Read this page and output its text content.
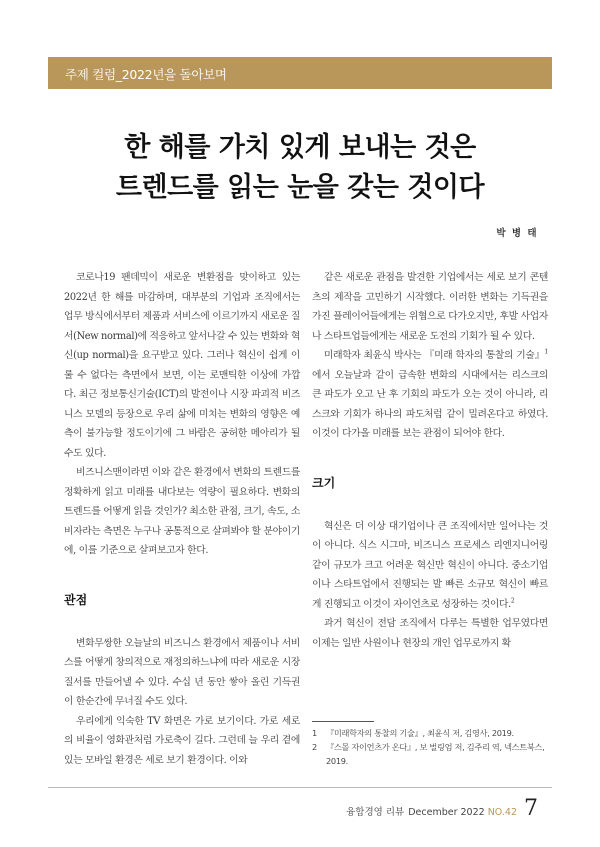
주제 컬럼_2022년을 돌아보며
한 해를 가치 있게 보내는 것은
트렌드를 읽는 눈을 갖는 것이다
박 병 태

코로나19 팬데믹이 새로운 변환점을 맞이하고 있는 2022년 한 해를 마감하며, 대부분의 기업과 조직에서는 업무 방식에서부터 제품과 서비스에 이르기까지 새로운 질서(New normal)에 적응하고 앞서나갈 수 있는 변화와 혁신(up normal)을 요구받고 있다. 그러나 혁신이 쉽게 이룰 수 없다는 측면에서 보면, 이는 로맨틱한 이상에 가깝다. 최근 정보통신기술(ICT)의 발전이나 시장 파괴적 비즈니스 모델의 등장으로 우리 삶에 미치는 변화의 영향은 예측이 불가능할 정도이기에 그 바람은 공허한 메아리가 될 수도 있다.

비즈니스맨이라면 이와 같은 환경에서 변화의 트렌드를 정확하게 읽고 미래를 내다보는 역량이 필요하다. 변화의 트렌드를 어떻게 읽을 것인가? 최소한 관점, 크기, 속도, 소비자라는 측면은 누구나 공통적으로 살펴봐야 할 분야이기에, 이를 기준으로 살펴보고자 한다.

관점

변화무쌍한 오늘날의 비즈니스 환경에서 제품이나 서비스를 어떻게 창의적으로 재정의하느냐에 따라 새로운 시장 질서를 만들어낼 수 있다. 수십 년 동안 쌓아 올린 기득권이 한순간에 무너질 수도 있다.

우리에게 익숙한 TV 화면은 가로 보기이다. 가로 세로의 비율이 영화관처럼 가로축이 길다. 그런데 늘 우리 곁에 있는 모바일 환경은 세로 보기 환경이다. 이와

같은 새로운 관점을 발견한 기업에서는 세로 보기 콘텐츠의 제작을 고민하기 시작했다. 이러한 변화는 기득권을 가진 플레이어들에게는 위협으로 다가오지만, 후발 사업자나 스타트업들에게는 새로운 도전의 기회가 될 수 있다.

미래학자 최윤식 박사는 『미래 학자의 통찰의 기술』$^1$에서 오늘날과 같이 급속한 변화의 시대에서는 리스크의 큰 파도가 오고 난 후 기회의 파도가 오는 것이 아니라, 리스크와 기회가 하나의 파도처럼 같이 밀려온다고 하였다. 이것이 다가올 미래를 보는 관점이 되어야 한다.

크기

혁신은 더 이상 대기업이나 큰 조직에서만 일어나는 것이 아니다. 식스 시그마, 비즈니스 프로세스 리엔지니어링같이 규모가 크고 어려운 혁신만 혁신이 아니다. 중소기업이나 스타트업에서 진행되는 발 빠른 소규모 혁신이 빠르게 진행되고 이것이 자이언츠로 성장하는 것이다.$^2$

과거 혁신이 전담 조직에서 다루는 특별한 업무였다면 이제는 일반 사원이나 현장의 개인 업무로까지 확

1	『미래학자의 통찰의 기술』, 최윤식 저, 김영사, 2019.
2	『스몰 자이언츠가 온다』, 보 벌링엄 저, 김주리 역, 넥스트북스, 2019.
융합경영 리뷰 December 2022 NO.42 7
